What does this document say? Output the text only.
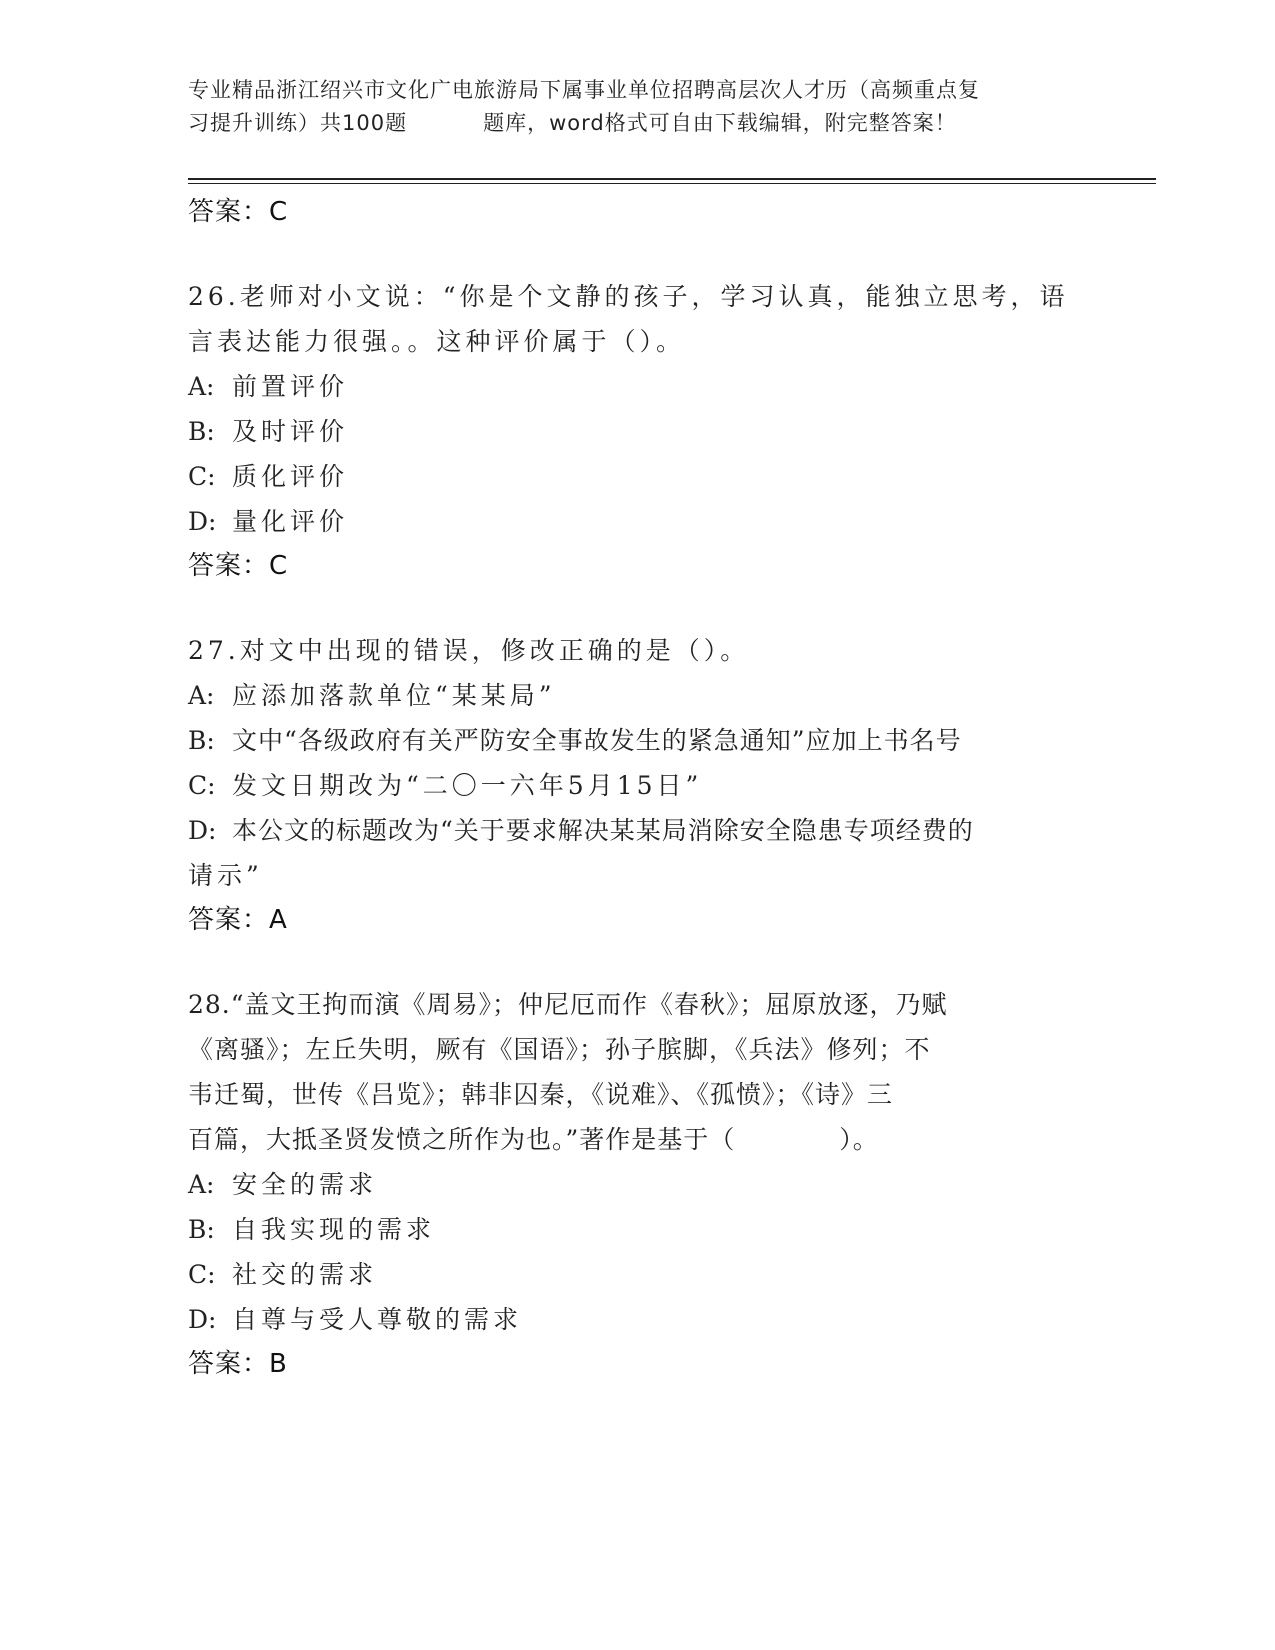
专业精品浙江绍兴市文化广电旅游局下属事业单位招聘高层次人才历（高频重点复
习提升训练）共100题	题库，word格式可自由下载编辑，附完整答案！
答案：C
26.老师对小文说：“你是个文静的孩子，学习认真，能独立思考，语
言表达能力很强。。这种评价属于（）。
A: 前置评价
B: 及时评价
C: 质化评价
D: 量化评价
答案：C
27.对文中出现的错误，修改正确的是（）。
A: 应添加落款单位“某某局”
B: 文中“各级政府有关严防安全事故发生的紧急通知”应加上书名号
C: 发文日期改为“二〇一六年5月15日”
D: 本公文的标题改为“关于要求解决某某局消除安全隐患专项经费的
请示”
答案：A
28.“盖文王拘而演《周易》；仲尼厄而作《春秋》；屈原放逐，乃赋
《离骚》；左丘失明，厥有《国语》；孙子膑脚，《兵法》修列；不
韦迁蜀，世传《吕览》；韩非囚秦，《说难》、《孤愤》；《诗》三
百篇，大抵圣贤发愤之所作为也。”著作是基于（　　　　）。
A: 安全的需求
B: 自我实现的需求
C: 社交的需求
D: 自尊与受人尊敬的需求
答案：B
